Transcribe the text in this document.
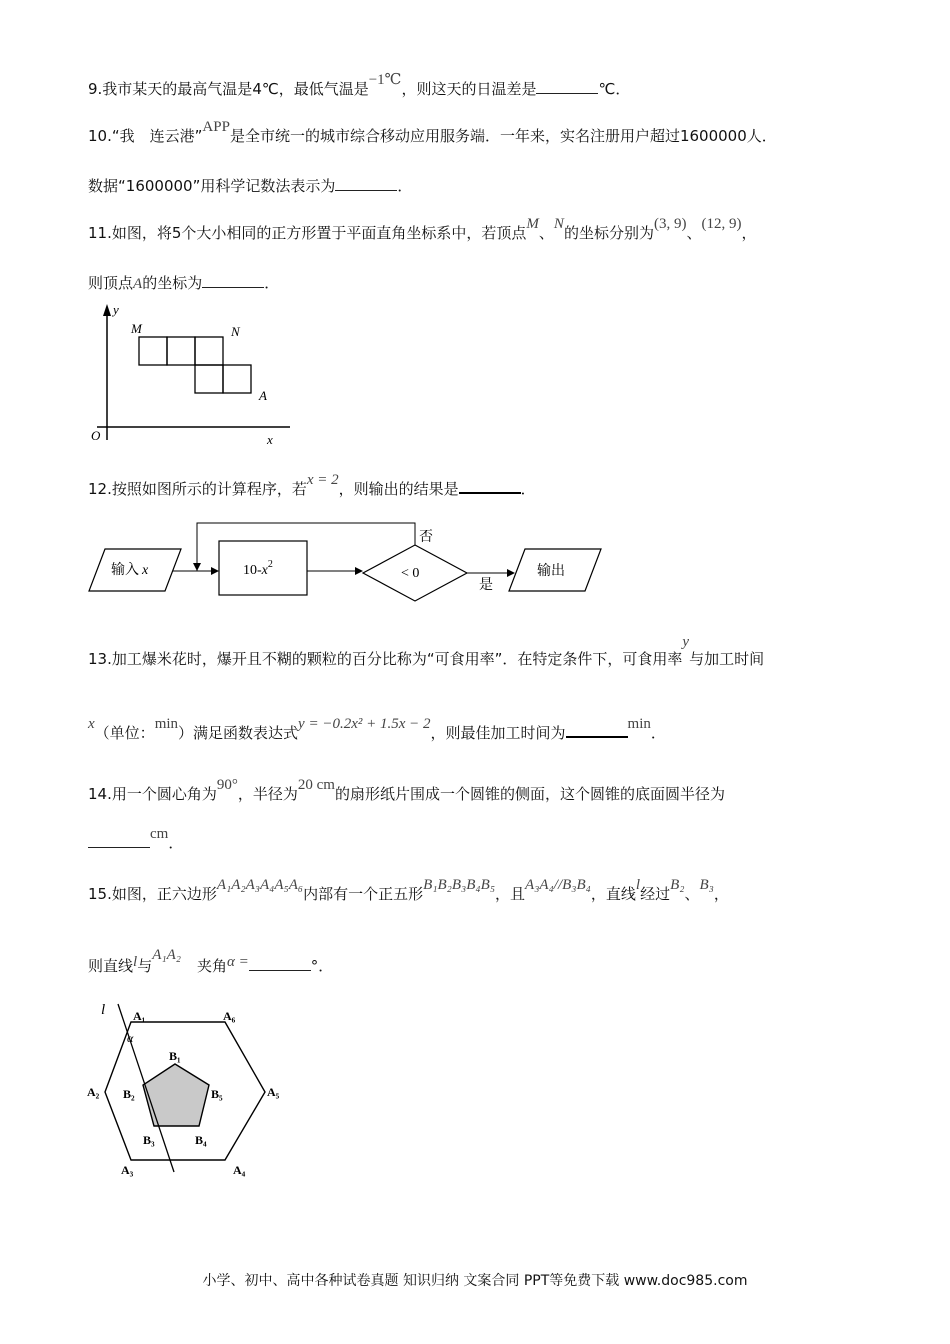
9.我市某天的最高气温是4℃，最低气温是−1℃，则这天的日温差是	℃．
10.“我　连云港”APP是全市统一的城市综合移动应用服务端．一年来，实名注册用户超过1600000人．
数据“1600000”用科学记数法表示为	．
11.如图，将5个大小相同的正方形置于平面直角坐标系中，若顶点M、N的坐标分别为(3, 9)、(12, 9)，
则顶点A的坐标为	．
y
x
O
M	N
A
12.按照如图所示的计算程序，若x = 2，则输出的结果是	．
输入 x	$10-x^2$
< 0
否
是
输出
13.加工爆米花时，爆开且不糊的颗粒的百分比称为“可食用率”．在特定条件下，可食用率y与加工时间
x（单位：min）满足函数表达式y = −0.2x² + 1.5x − 2，则最佳加工时间为	min．
14.用一个圆心角为90°，半径为20 cm的扇形纸片围成一个圆锥的侧面，这个圆锥的底面圆半径为
cm．
15.如图，正六边形A₁A₂A₃A₄A₅A₆内部有一个正五形B₁B₂B₃B₄B₅，且A₃A₄//B₃B₄，直线l经过B₂、B₃，
则直线l与A₁A₂夹角α =	°．
l
α
A₁	A₆
A₂	A₅
A₃	A₄
B₁
B₂	B₅
B₃	B₄
小学、初中、高中各种试卷真题 知识归纳 文案合同 PPT等免费下载 www.doc985.com
